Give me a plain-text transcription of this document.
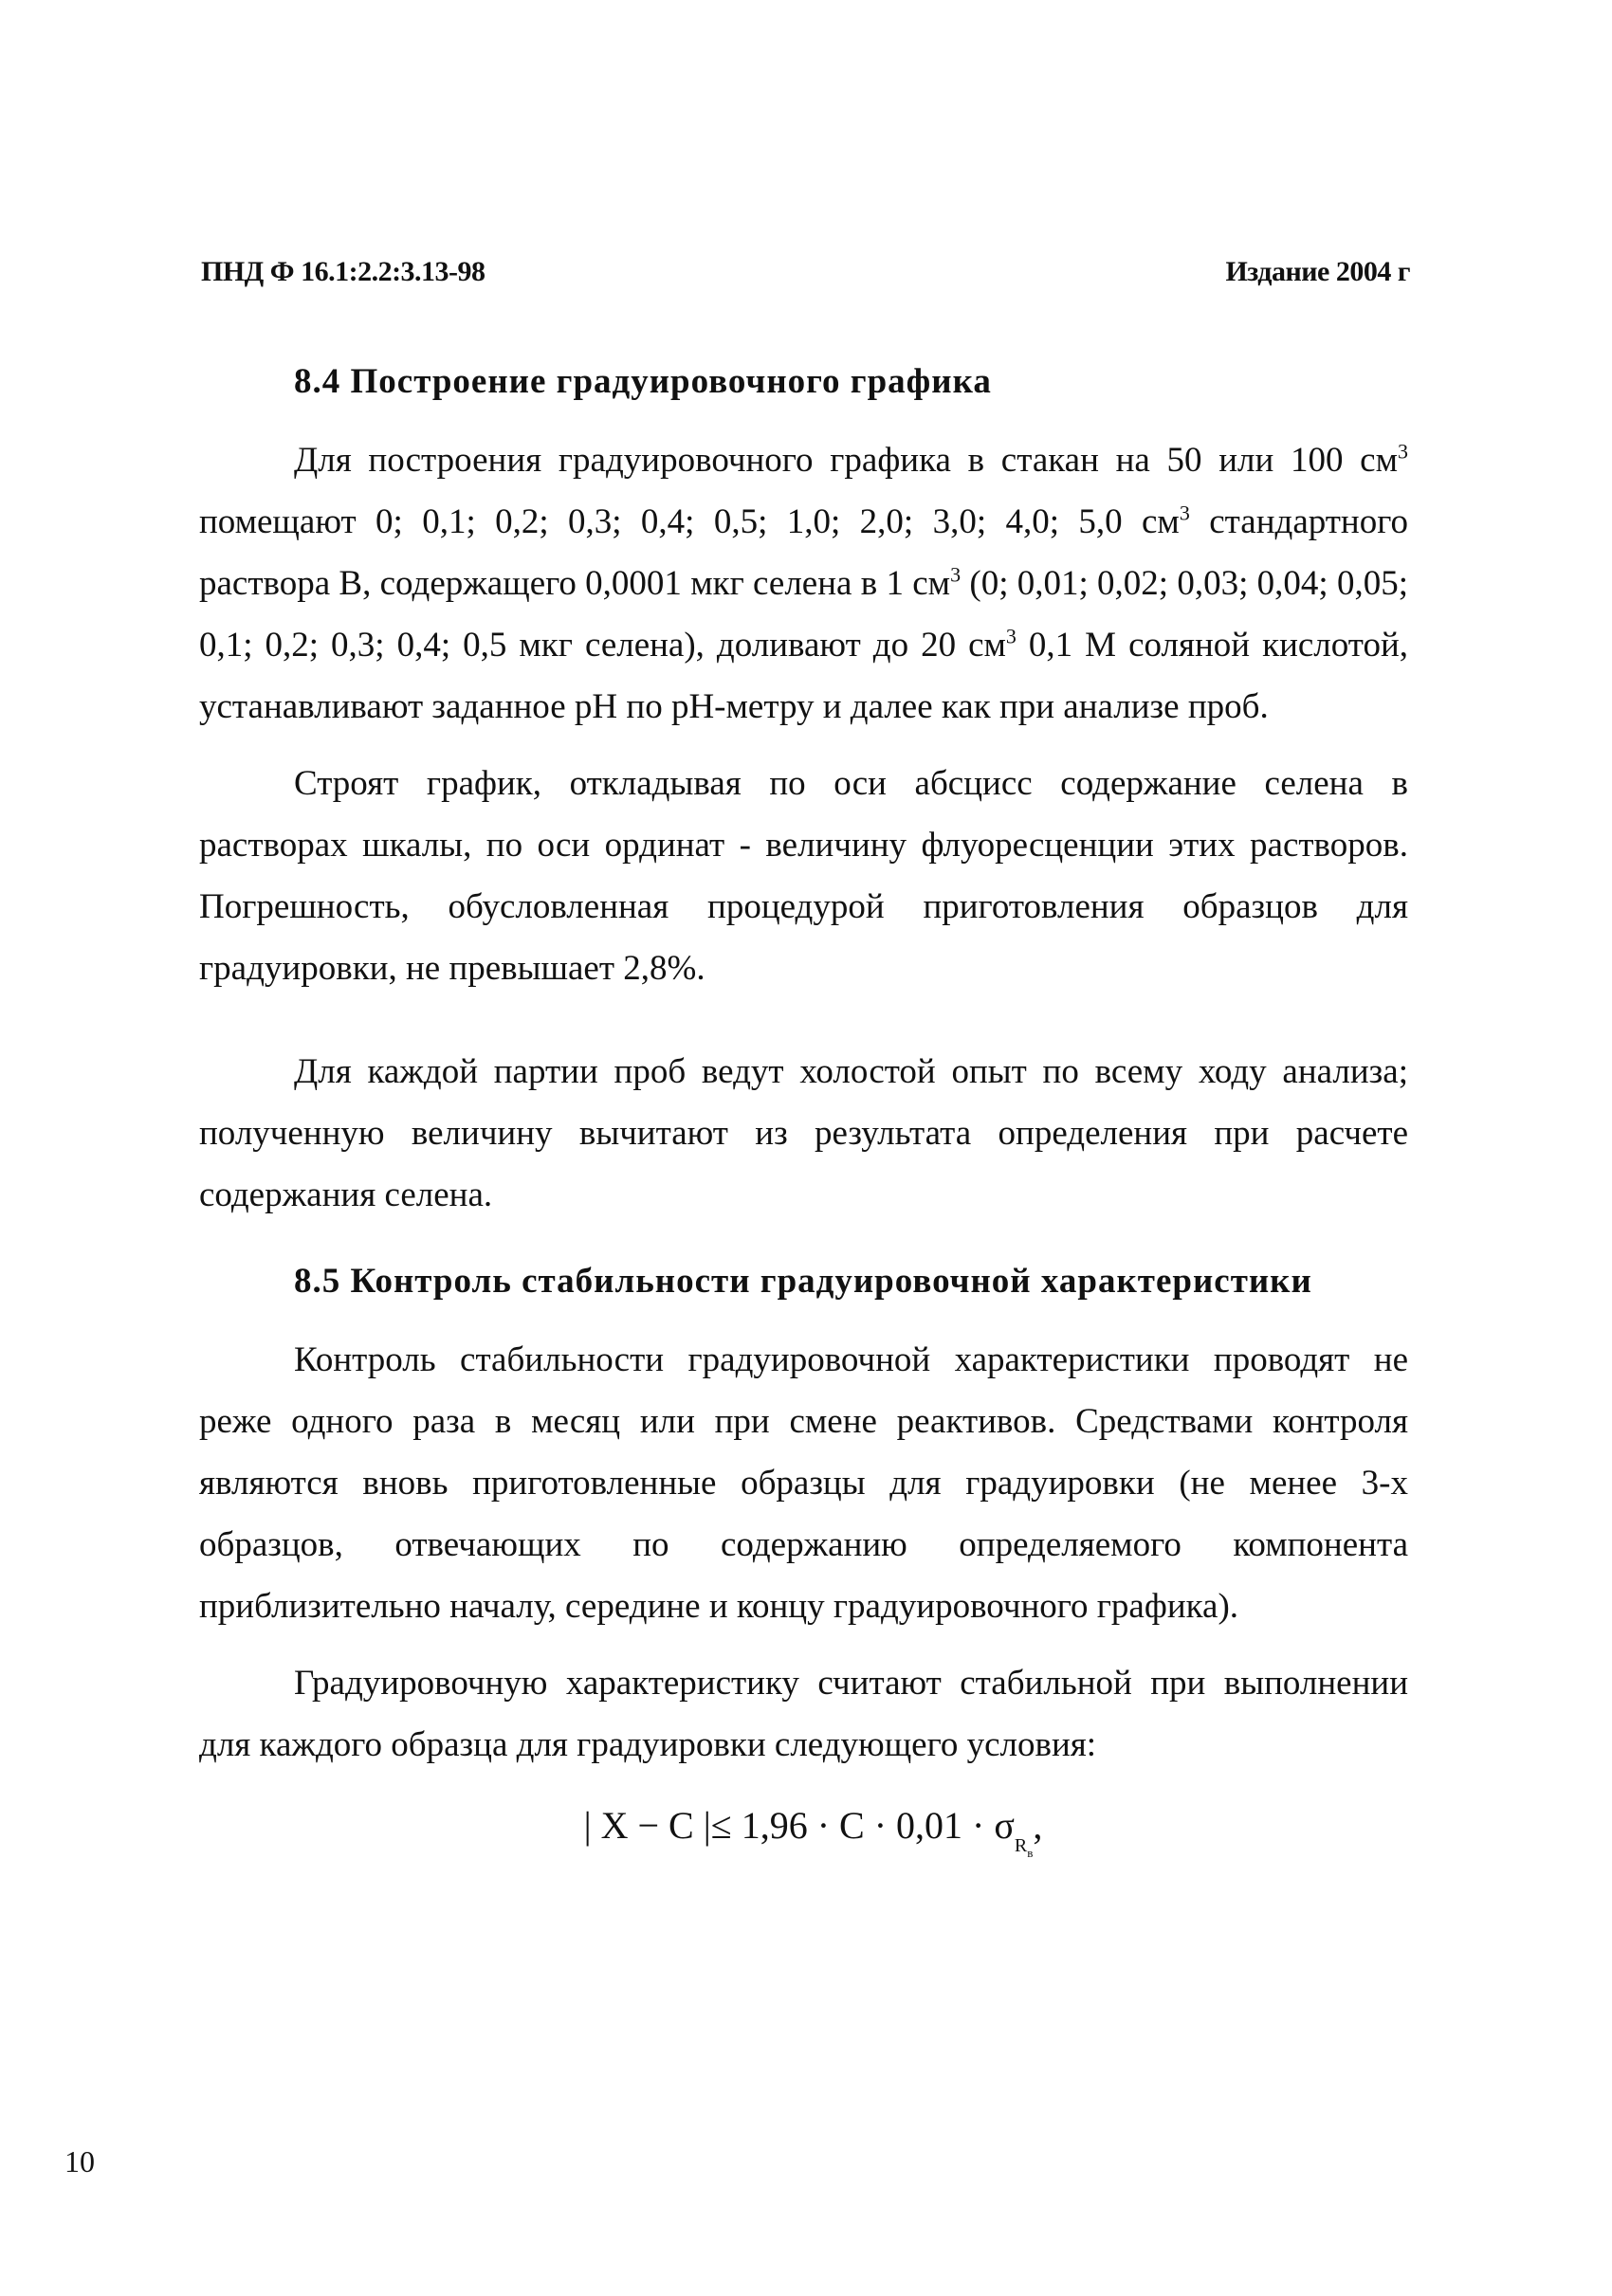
ПНД Ф 16.1:2.2:3.13-98	Издание 2004 г
8.4 Построение градуировочного графика

Для построения градуировочного графика в стакан на 50 или 100 $см^3$ помещают 0; 0,1; 0,2; 0,3; 0,4; 0,5; 1,0; 2,0; 3,0; 4,0; 5,0 $см^3$ стандартного раствора В, содержащего 0,0001 мкг селена в 1 $см^3$ (0; 0,01; 0,02; 0,03; 0,04; 0,05; 0,1; 0,2; 0,3; 0,4; 0,5 мкг селена), доливают до 20 $см^3$ 0,1 М соляной кислотой, устанавливают заданное рН по рН-метру и далее как при анализе проб.

Строят график, откладывая по оси абсцисс содержание селена в растворах шкалы, по оси ординат - величину флуоресценции этих растворов. Погрешность, обусловленная процедурой приготовления образцов для градуировки, не превышает 2,8%.

Для каждой партии проб ведут холостой опыт по всему ходу анализа; полученную величину вычитают из результата определения при расчете содержания селена.

8.5 Контроль стабильности градуировочной характеристики

Контроль стабильности градуировочной характеристики проводят не реже одного раза в месяц или при смене реактивов. Средствами контроля являются вновь приготовленные образцы для градуировки (не менее 3-х образцов, отвечающих по содержанию определяемого компонента приблизительно началу, середине и концу градуировочного графика).

Градуировочную характеристику считают стабильной при выполнении для каждого образца для градуировки следующего условия:

| X − C |≤ $1,96 \cdot C \cdot 0,01 \cdot \sigma_{R_в}$,
10
